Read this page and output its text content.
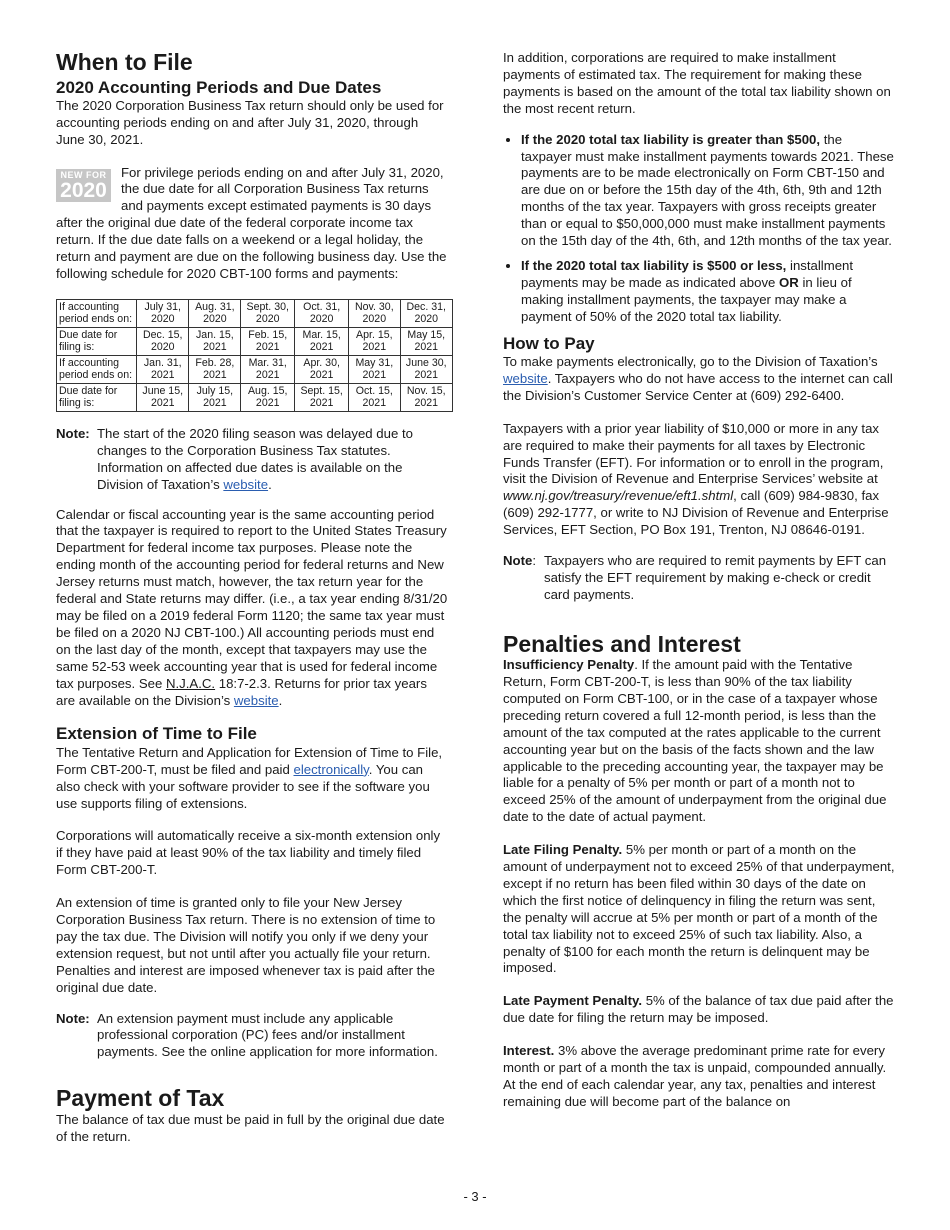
When to File
2020 Accounting Periods and Due Dates

The 2020 Corporation Business Tax return should only be used for accounting periods ending on and after July 31, 2020, through June 30, 2021.

NEW FOR
2020

For privilege periods ending on and after July 31, 2020, the due date for all Corporation Business Tax returns and payments except estimated payments is 30 days after the original due date of the federal corporate income tax return. If the due date falls on a weekend or a legal holiday, the return and payment are due on the following business day. Use the following schedule for 2020 CBT-100 forms and payments:

If accounting period ends on:	July 31, 2020	Aug. 31, 2020	Sept. 30, 2020	Oct. 31, 2020	Nov. 30, 2020	Dec. 31, 2020
Due date for filing is:	Dec. 15, 2020	Jan. 15, 2021	Feb. 15, 2021	Mar. 15, 2021	Apr. 15, 2021	May 15, 2021
If accounting period ends on:	Jan. 31, 2021	Feb. 28, 2021	Mar. 31, 2021	Apr. 30, 2021	May 31, 2021	June 30, 2021
Due date for filing is:	June 15, 2021	July 15, 2021	Aug. 15, 2021	Sept. 15, 2021	Oct. 15, 2021	Nov. 15, 2021
Note: The start of the 2020 filing season was delayed due to changes to the Corporation Business Tax statutes. Information on affected due dates is available on the Division of Taxation’s website.

Calendar or fiscal accounting year is the same accounting period that the taxpayer is required to report to the United States Treasury Department for federal income tax purposes. Please note the ending month of the accounting period for federal returns and New Jersey returns must match, however, the tax return year for the federal and State returns may differ. (i.e., a tax year ending 8/31/20 may be filed on a 2019 federal Form 1120; the same tax year must be filed on a 2020 NJ CBT-100.) All accounting periods must end on the last day of the month, except that taxpayers may use the same 52-53 week accounting year that is used for federal income tax purposes. See N.J.A.C. 18:7-2.3. Returns for prior tax years are available on the Division’s website.

Extension of Time to File

The Tentative Return and Application for Extension of Time to File, Form CBT-200-T, must be filed and paid electronically. You can also check with your software provider to see if the software you use supports filing of extensions.

Corporations will automatically receive a six-month extension only if they have paid at least 90% of the tax liability and timely filed Form CBT-200-T.

An extension of time is granted only to file your New Jersey Corporation Business Tax return. There is no extension of time to pay the tax due. The Division will notify you only if we deny your extension request, but not until after you actually file your return. Penalties and interest are imposed whenever tax is paid after the original due date.

Note: An extension payment must include any applicable professional corporation (PC) fees and/or installment payments. See the online application for more information.
Payment of Tax

The balance of tax due must be paid in full by the original due date of the return.

In addition, corporations are required to make installment payments of estimated tax. The requirement for making these payments is based on the amount of the total tax liability shown on the most recent return.

• If the 2020 total tax liability is greater than $500, the taxpayer must make installment payments towards 2021. These payments are to be made electronically on Form CBT-150 and are due on or before the 15th day of the 4th, 6th, 9th and 12th months of the tax year. Taxpayers with gross receipts greater than or equal to $50,000,000 must make installment payments on the 15th day of the 4th, 6th, and 12th months of the tax year.
• If the 2020 total tax liability is $500 or less, installment payments may be made as indicated above OR in lieu of making installment payments, the taxpayer may make a payment of 50% of the 2020 total tax liability.
How to Pay

To make payments electronically, go to the Division of Taxation’s website. Taxpayers who do not have access to the internet can call the Division’s Customer Service Center at (609) 292-6400.

Taxpayers with a prior year liability of $10,000 or more in any tax are required to make their payments for all taxes by Electronic Funds Transfer (EFT). For information or to enroll in the program, visit the Division of Revenue and Enterprise Services’ website at www.nj.gov/treasury/revenue/eft1.shtml, call (609) 984-9830, fax (609) 292-1777, or write to NJ Division of Revenue and Enterprise Services, EFT Section, PO Box 191, Trenton, NJ 08646-0191.

Note: Taxpayers who are required to remit payments by EFT can satisfy the EFT requirement by making e-check or credit card payments.
Penalties and Interest

Insufficiency Penalty. If the amount paid with the Tentative Return, Form CBT-200-T, is less than 90% of the tax liability computed on Form CBT-100, or in the case of a taxpayer whose preceding return covered a full 12-month period, is less than the amount of the tax computed at the rates applicable to the current accounting year but on the basis of the facts shown and the law applicable to the preceding accounting year, the taxpayer may be liable for a penalty of 5% per month or part of a month not to exceed 25% of the amount of underpayment from the original due date to the date of actual payment.

Late Filing Penalty. 5% per month or part of a month on the amount of underpayment not to exceed 25% of that underpayment, except if no return has been filed within 30 days of the date on which the first notice of delinquency in filing the return was sent, the penalty will accrue at 5% per month or part of a month of the total tax liability not to exceed 25% of such tax liability. Also, a penalty of $100 for each month the return is delinquent may be imposed.

Late Payment Penalty. 5% of the balance of tax due paid after the due date for filing the return may be imposed.

Interest. 3% above the average predominant prime rate for every month or part of a month the tax is unpaid, compounded annually. At the end of each calendar year, any tax, penalties and interest remaining due will become part of the balance on

- 3 -
